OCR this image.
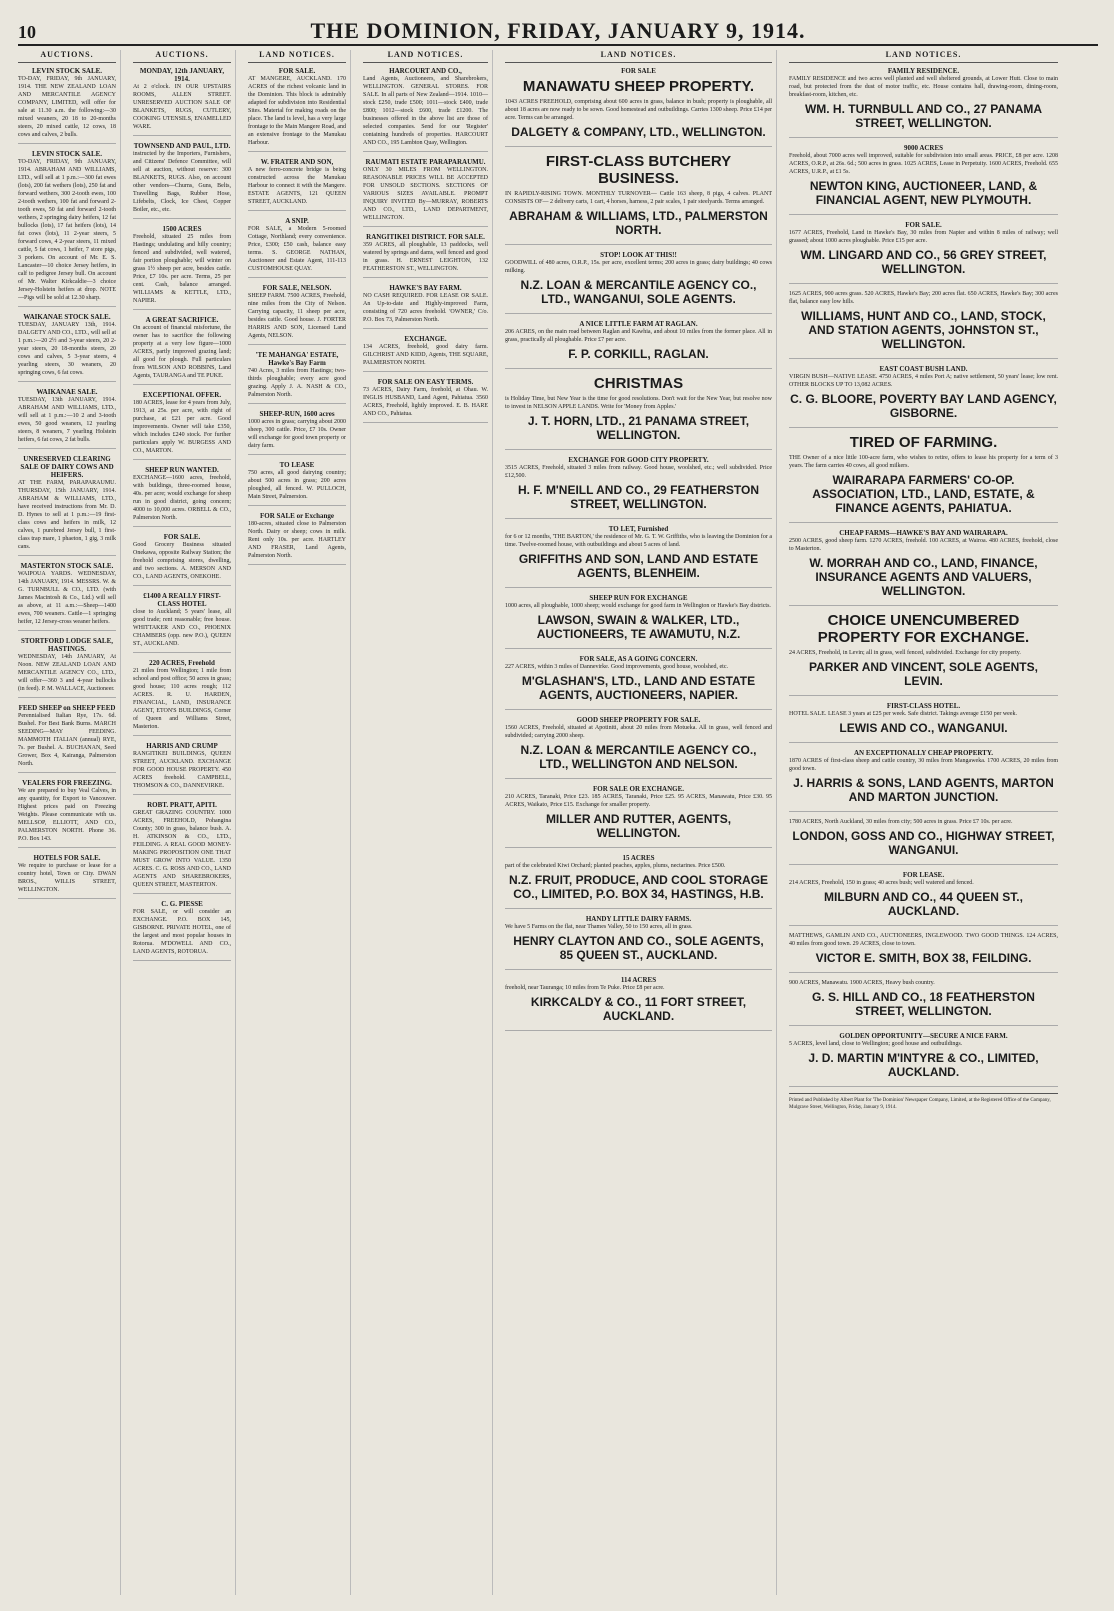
10	THE DOMINION, FRIDAY, JANUARY 9, 1914.
AUCTIONS.
LEVIN STOCK SALE.
TO-DAY, FRIDAY, 9th JANUARY, 1914. THE NEW ZEALAND LOAN AND MERCANTILE AGENCY COMPANY, LIMITED, will offer for sale at 11.30 a.m. the following:—30 mixed weaners, 20 18 to 20-months steers, 20 mixed cattle, 12 cows, 18 cows and calves, 2 bulls.
LEVIN STOCK SALE.
TO-DAY, FRIDAY, 9th JANUARY, 1914. ABRAHAM AND WILLIAMS, LTD., will sell at 1 p.m.:—300 fat ewes (lots), 200 fat wethers (lots), 250 fat and forward wethers, 300 2-tooth ewes, 100 2-tooth wethers, 100 fat and forward 2-tooth ewes, 50 fat and forward 2-tooth wethers, 2 springing dairy heifers, 12 fat bullocks (lots), 17 fat heifers (lots), 14 fat cows (lots), 11 2-year steers, 5 forward cows, 4 2-year steers, 11 mixed cattle, 5 fat cows, 1 heifer, 7 store pigs, 3 porkers. On account of Mr. E. S. Lancaster—10 choice Jersey heifers, in calf to pedigree Jersey bull. On account of Mr. Walter Kirkcaldie—3 choice Jersey-Holstein heifers at drop. NOTE—Pigs will be sold at 12.30 sharp.
WAIKANAE STOCK SALE.
TUESDAY, JANUARY 13th, 1914. DALGETY AND CO., LTD., will sell at 1 p.m.:—20 2½ and 3-year steers, 20 2-year steers, 20 18-months steers, 20 cows and calves, 5 3-year steers, 4 yearling steers, 30 weaners, 20 springing cows, 6 fat cows.
WAIKANAE SALE.
TUESDAY, 13th JANUARY, 1914. ABRAHAM AND WILLIAMS, LTD., will sell at 1 p.m.:—10 2 and 3-tooth ewes, 50 good weaners, 12 yearling steers, 8 weaners, 7 yearling Holstein heifers, 6 fat cows, 2 fat bulls.
UNRESERVED CLEARING SALE OF DAIRY COWS AND HEIFERS.
AT THE FARM, PARAPARAUMU. THURSDAY, 15th JANUARY, 1914. ABRAHAM & WILLIAMS, LTD., have received instructions from Mr. D. D. Hynes to sell at 1 p.m.:—19 first-class cows and heifers in milk, 12 calves, 1 purebred Jersey bull, 1 first-class trap mare, 1 phaeton, 1 gig, 3 milk cans.
MASTERTON STOCK SALE.
WAIPOUA YARDS. WEDNESDAY, 14th JANUARY, 1914. MESSRS. W. & G. TURNBULL & CO., LTD. (with James Macintosh & Co., Ltd.) will sell as above, at 11 a.m.:—Sheep—1400 ewes, 700 weaners. Cattle—1 springing heifer, 12 Jersey-cross weaner heifers.
STORTFORD LODGE SALE, HASTINGS.
WEDNESDAY, 14th JANUARY, At Noon. NEW ZEALAND LOAN AND MERCANTILE AGENCY CO., LTD., will offer—360 3 and 4-year bullocks (in feed). P. M. WALLACE, Auctioneer.
FEED SHEEP on SHEEP FEED
Perennialised Italian Rye, 17s. 6d. Bushel. For Best Bank Burns. MARCH SEEDING—MAY FEEDING. MAMMOTH ITALIAN (annual) RYE, 7s. per Bushel. A. BUCHANAN, Seed Grower, Box 4, Kairanga, Palmerston North.
VEALERS FOR FREEZING.
We are prepared to buy Veal Calves, in any quantity, for Export to Vancouver. Highest prices paid on Freezing Weights. Please communicate with us. MELLSOP, ELLIOTT, AND CO., PALMERSTON NORTH. Phone 36. P.O. Box 143.
HOTELS FOR SALE.
We require to purchase or lease for a country hotel, Town or City. DWAN BROS., WILLIS STREET, WELLINGTON.
AUCTIONS.
MONDAY, 12th JANUARY, 1914.
At 2 o'clock. IN OUR UPSTAIRS ROOMS, ALLEN STREET. UNRESERVED AUCTION SALE OF BLANKETS, RUGS, CUTLERY, COOKING UTENSILS, ENAMELLED WARE.
TOWNSEND AND PAUL, LTD.
instructed by the Importers, Furnishers, and Citizens' Defence Committee, will sell at auction, without reserve: 300 BLANKETS, RUGS. Also, on account other vendors—Churns, Guns, Belts, Travelling Bags, Rubber Hose, Lifebelts, Clock, Ice Chest, Copper Boiler, etc., etc.
1500 ACRES
Freehold, situated 25 miles from Hastings; undulating and hilly country; fenced and subdivided, well watered, fair portion ploughable; will winter on grass 1½ sheep per acre, besides cattle. Price, £7 10s. per acre. Terms, 25 per cent. Cash, balance arranged. WILLIAMS & KETTLE, LTD., NAPIER.
A GREAT SACRIFICE.
On account of financial misfortune, the owner has to sacrifice the following property at a very low figure—1000 ACRES, partly improved grazing land; all good for plough. Full particulars from WILSON AND ROBBINS, Land Agents, TAURANGA and TE PUKE.
EXCEPTIONAL OFFER.
180 ACRES, lease for 4 years from July, 1913, at 25s. per acre, with right of purchase, at £21 per acre. Good improvements. Owner will take £350, which includes £240 stock. For further particulars apply W. BURGESS AND CO., MARTON.
SHEEP RUN WANTED.
EXCHANGE—1600 acres, freehold, with buildings, three-roomed house, 40s. per acre; would exchange for sheep run in good district, going concern; 4000 to 10,000 acres. ORBELL & CO., Palmerston North.
FOR SALE.
Good Grocery Business situated Onekawa, opposite Railway Station; the freehold comprising stores, dwelling, and two sections. A. MERSON AND CO., LAND AGENTS, ONEKOHE.
£1400 A REALLY FIRST-CLASS HOTEL
close to Auckland; 5 years' lease, all good trade; rent reasonable; free house. WHITTAKER AND CO., PHOENIX CHAMBERS (opp. new P.O.), QUEEN ST., AUCKLAND.
220 ACRES, Freehold
21 miles from Wellington; 1 mile from school and post office; 50 acres in grass; good house; 110 acres rough; 112 ACRES. R. U. HARDEN, FINANCIAL, LAND, INSURANCE AGENT, ETON'S BUILDINGS, Corner of Queen and Williams Street, Masterton.
HARRIS AND CRUMP
RANGITIKEI BUILDINGS, QUEEN STREET, AUCKLAND. EXCHANGE FOR GOOD HOUSE PROPERTY. 450 ACRES freehold. CAMPBELL, THOMSON & CO., DANNEVIRKE.
ROBT. PRATT, APITI.
GREAT GRAZING COUNTRY. 1000 ACRES, FREEHOLD, Pohangina County; 300 in grass, balance bush. A. H. ATKINSON & CO., LTD., FEILDING. A REAL GOOD MONEY-MAKING PROPOSITION ONE THAT MUST GROW INTO VALUE. 1350 ACRES. C. G. ROSS AND CO., LAND AGENTS AND SHAREBROKERS, QUEEN STREET, MASTERTON.
C. G. PIESSE
FOR SALE, or will consider an EXCHANGE. P.O. BOX 145, GISBORNE. PRIVATE HOTEL, one of the largest and most popular houses in Rotorua. M'DOWELL AND CO., LAND AGENTS, ROTORUA.
LAND NOTICES.
FOR SALE.
AT MANGERE, AUCKLAND. 170 ACRES of the richest volcanic land in the Dominion. This block is admirably adapted for subdivision into Residential Sites. Material for making roads on the place. The land is level, has a very large frontage to the Main Mangere Road, and an extensive frontage to the Manukau Harbour.
W. FRATER AND SON,
A new ferro-concrete bridge is being constructed across the Manukau Harbour to connect it with the Mangere. ESTATE AGENTS, 121 QUEEN STREET, AUCKLAND.
A SNIP.
FOR SALE, a Modern 5-roomed Cottage, Northland; every convenience. Price, £300; £50 cash, balance easy terms. S. GEORGE NATHAN, Auctioneer and Estate Agent, 111-113 CUSTOMHOUSE QUAY.
FOR SALE, NELSON.
SHEEP FARM. 7500 ACRES, Freehold, nine miles from the City of Nelson. Carrying capacity, 11 sheep per acre, besides cattle. Good house. J. FORTER HARRIS AND SON, Licensed Land Agents, NELSON.
'TE MAHANGA' ESTATE, Hawke's Bay Farm
740 Acres, 3 miles from Hastings; two-thirds ploughable; every acre good grazing. Apply J. A. NASH & CO., Palmerston North.
SHEEP-RUN, 1600 acres
1000 acres in grass; carrying about 2000 sheep, 300 cattle. Price, £7 10s. Owner will exchange for good town property or dairy farm.
TO LEASE
750 acres, all good dairying country; about 500 acres in grass; 200 acres ploughed, all fenced. W. PULLOCH, Main Street, Palmerston.
FOR SALE or Exchange
180-acres, situated close to Palmerston North. Dairy or sheep; cows in milk. Rent only 10s. per acre. HARTLEY AND FRASER, Land Agents, Palmerston North.
LAND NOTICES.
HARCOURT AND CO.,
Land Agents, Auctioneers, and Sharebrokers, WELLINGTON. GENERAL STORES. FOR SALE. In all parts of New Zealand—1914. 1010—stock £250, trade £500; 1011—stock £400, trade £800; 1012—stock £600, trade £1200. The businesses offered in the above list are those of selected companies. Send for our 'Register' containing hundreds of properties. HARCOURT AND CO., 195 Lambton Quay, Wellington.
RAUMATI ESTATE PARAPARAUMU.
ONLY 30 MILES FROM WELLINGTON. REASONABLE PRICES WILL BE ACCEPTED FOR UNSOLD SECTIONS. SECTIONS OF VARIOUS SIZES AVAILABLE. PROMPT INQUIRY INVITED By—MURRAY, ROBERTS AND CO., LTD., LAND DEPARTMENT, WELLINGTON.
RANGITIKEI DISTRICT. FOR SALE.
359 ACRES, all ploughable, 13 paddocks, well watered by springs and dams, well fenced and good in grass. H. ERNEST LEIGHTON, 132 FEATHERSTON ST., WELLINGTON.
HAWKE'S BAY FARM.
NO CASH REQUIRED. FOR LEASE OR SALE. An Up-to-date and Highly-improved Farm, consisting of 720 acres freehold. 'OWNER,' C/o. P.O. Box 73, Palmerston North.
EXCHANGE.
134 ACRES, freehold, good dairy farm. GILCHRIST AND KIDD, Agents, THE SQUARE, PALMERSTON NORTH.
FOR SALE ON EASY TERMS.
73 ACRES, Dairy Farm, freehold, at Ohau. W. INGLIS HUSBAND, Land Agent, Pahiatua. 3560 ACRES, Freehold, lightly improved. E. B. HARE AND CO., Pahiatua.
LAND NOTICES.
FOR SALE
MANAWATU SHEEP PROPERTY.
1043 ACRES FREEHOLD, comprising about 600 acres in grass, balance in bush; property is ploughable, all about 18 acres are now ready to be sown. Good homestead and outbuildings. Carries 1300 sheep. Price £14 per acre. Terms can be arranged.
DALGETY & COMPANY, LTD., WELLINGTON.
FIRST-CLASS BUTCHERY BUSINESS.
IN RAPIDLY-RISING TOWN. MONTHLY TURNOVER— Cattle 163 sheep, 8 pigs, 4 calves. PLANT CONSISTS OF— 2 delivery carts, 1 cart, 4 horses, harness, 2 pair scales, 1 pair steelyards. Terms arranged.
ABRAHAM & WILLIAMS, LTD., PALMERSTON NORTH.
STOP! LOOK AT THIS!!
GOODWILL of 480 acres, O.R.P., 15s. per acre, excellent terms; 200 acres in grass; dairy buildings; 40 cows milking.
N.Z. LOAN & MERCANTILE AGENCY CO., LTD., WANGANUI, SOLE AGENTS.
A NICE LITTLE FARM AT RAGLAN.
206 ACRES, on the main road between Raglan and Kawhia, and about 10 miles from the former place. All in grass, practically all ploughable. Price £7 per acre.
F. P. CORKILL, RAGLAN.
CHRISTMAS
is Holiday Time, but New Year is the time for good resolutions. Don't wait for the New Year, but resolve now to invest in NELSON APPLE LANDS. Write for 'Money from Apples.'
J. T. HORN, LTD., 21 PANAMA STREET, WELLINGTON.
EXCHANGE FOR GOOD CITY PROPERTY.
3515 ACRES, Freehold, situated 3 miles from railway. Good house, woolshed, etc.; well subdivided. Price £12,500.
H. F. M'NEILL AND CO., 29 FEATHERSTON STREET, WELLINGTON.
TO LET, Furnished
for 6 or 12 months, 'THE BARTON,' the residence of Mr. G. T. W. Griffiths, who is leaving the Dominion for a time. Twelve-roomed house, with outbuildings and about 5 acres of land.
GRIFFITHS AND SON, LAND AND ESTATE AGENTS, BLENHEIM.
SHEEP RUN FOR EXCHANGE
1000 acres, all ploughable, 1000 sheep; would exchange for good farm in Wellington or Hawke's Bay districts.
LAWSON, SWAIN & WALKER, LTD., AUCTIONEERS, TE AWAMUTU, N.Z.
FOR SALE, AS A GOING CONCERN.
227 ACRES, within 3 miles of Dannevirke. Good improvements, good house, woolshed, etc.
M'GLASHAN'S, LTD., LAND AND ESTATE AGENTS, AUCTIONEERS, NAPIER.
GOOD SHEEP PROPERTY FOR SALE.
1560 ACRES, Freehold, situated at Apotiniti, about 20 miles from Motueka. All in grass, well fenced and subdivided; carrying 2000 sheep.
N.Z. LOAN & MERCANTILE AGENCY CO., LTD., WELLINGTON AND NELSON.
FOR SALE OR EXCHANGE.
210 ACRES, Taranaki, Price £23. 185 ACRES, Taranaki, Price £25. 95 ACRES, Manawatu, Price £30. 95 ACRES, Waikato, Price £15. Exchange for smaller property.
MILLER AND RUTTER, AGENTS, WELLINGTON.
15 ACRES
part of the celebrated Kiwi Orchard; planted peaches, apples, plums, nectarines. Price £500.
N.Z. FRUIT, PRODUCE, AND COOL STORAGE CO., LIMITED, P.O. BOX 34, HASTINGS, H.B.
HANDY LITTLE DAIRY FARMS.
We have 5 Farms on the flat, near Thames Valley, 50 to 150 acres, all in grass.
HENRY CLAYTON AND CO., SOLE AGENTS, 85 QUEEN ST., AUCKLAND.
114 ACRES
freehold, near Tauranga; 10 miles from Te Puke. Price £8 per acre.
KIRKCALDY & CO., 11 FORT STREET, AUCKLAND.
LAND NOTICES.
FAMILY RESIDENCE.
FAMILY RESIDENCE and two acres well planted and well sheltered grounds, at Lower Hutt. Close to main road, but protected from the dust of motor traffic, etc. House contains hall, drawing-room, dining-room, breakfast-room, kitchen, etc.
WM. H. TURNBULL AND CO., 27 PANAMA STREET, WELLINGTON.
9000 ACRES
Freehold, about 7000 acres well improved, suitable for subdivision into small areas. PRICE, £8 per acre. 1208 ACRES, O.R.P., at 26s. 6d.; 500 acres in grass. 1025 ACRES, Lease in Perpetuity. 1600 ACRES, Freehold. 655 ACRES, U.R.P., at £1 5s.
NEWTON KING, AUCTIONEER, LAND, & FINANCIAL AGENT, NEW PLYMOUTH.
FOR SALE.
1677 ACRES, Freehold, Land in Hawke's Bay, 30 miles from Napier and within 8 miles of railway; well grassed; about 1000 acres ploughable. Price £15 per acre.
WM. LINGARD AND CO., 56 GREY STREET, WELLINGTON.
1625 ACRES, 900 acres grass. 520 ACRES, Hawke's Bay; 200 acres flat. 650 ACRES, Hawke's Bay; 300 acres flat, balance easy low hills.
WILLIAMS, HUNT AND CO., LAND, STOCK, AND STATION AGENTS, JOHNSTON ST., WELLINGTON.
EAST COAST BUSH LAND.
VIRGIN BUSH—NATIVE LEASE. 4750 ACRES, 4 miles Port A; native settlement, 50 years' lease; low rent. OTHER BLOCKS UP TO 13,082 ACRES.
C. G. BLOORE, POVERTY BAY LAND AGENCY, GISBORNE.
TIRED OF FARMING.
THE Owner of a nice little 100-acre farm, who wishes to retire, offers to lease his property for a term of 3 years. The farm carries 40 cows, all good milkers.
WAIRARAPA FARMERS' CO-OP. ASSOCIATION, LTD., LAND, ESTATE, & FINANCE AGENTS, PAHIATUA.
CHEAP FARMS—HAWKE'S BAY AND WAIRARAPA.
2500 ACRES, good sheep farm. 1270 ACRES, freehold. 100 ACRES, at Wairoa. 480 ACRES, freehold, close to Masterton.
W. MORRAH AND CO., LAND, FINANCE, INSURANCE AGENTS AND VALUERS, WELLINGTON.
CHOICE UNENCUMBERED PROPERTY FOR EXCHANGE.
24 ACRES, Freehold, in Levin; all in grass, well fenced, subdivided. Exchange for city property.
PARKER AND VINCENT, SOLE AGENTS, LEVIN.
FIRST-CLASS HOTEL.
HOTEL SALE. LEASE 3 years at £25 per week. Safe district. Takings average £150 per week.
LEWIS AND CO., WANGANUI.
AN EXCEPTIONALLY CHEAP PROPERTY.
1870 ACRES of first-class sheep and cattle country, 30 miles from Mangaweka. 1700 ACRES, 20 miles from good town.
J. HARRIS & SONS, LAND AGENTS, MARTON AND MARTON JUNCTION.
1780 ACRES, North Auckland, 30 miles from city; 500 acres in grass. Price £7 10s. per acre.
LONDON, GOSS AND CO., HIGHWAY STREET, WANGANUI.
FOR LEASE.
214 ACRES, Freehold, 150 in grass; 40 acres bush; well watered and fenced.
MILBURN AND CO., 44 QUEEN ST., AUCKLAND.
MATTHEWS, GAMLIN AND CO., AUCTIONEERS, INGLEWOOD. TWO GOOD THINGS. 124 ACRES, 40 miles from good town. 29 ACRES, close to town.
VICTOR E. SMITH, BOX 38, FEILDING.
900 ACRES, Manawatu. 1900 ACRES, Heavy bush country.
G. S. HILL AND CO., 18 FEATHERSTON STREET, WELLINGTON.
GOLDEN OPPORTUNITY—SECURE A NICE FARM.
5 ACRES, level land, close to Wellington; good house and outbuildings.
J. D. MARTIN M'INTYRE & CO., LIMITED, AUCKLAND.
Printed and Published by Albert Plant for 'The Dominion' Newspaper Company, Limited, at the Registered Office of the Company, Mulgrave Street, Wellington, Friday, January 9, 1914.
